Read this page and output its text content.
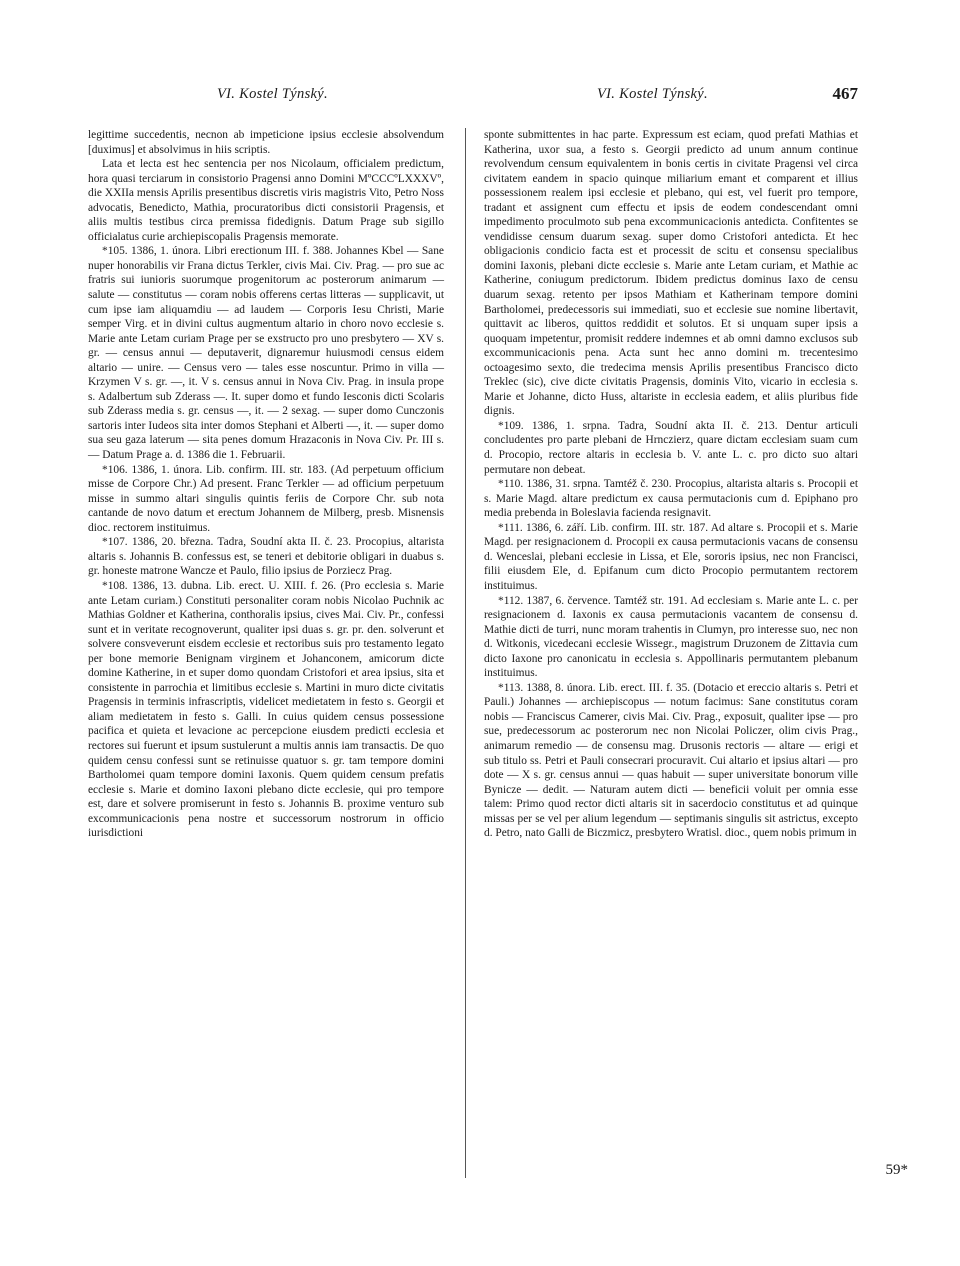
VI. Kostel Týnský.

legittime succedentis, necnon ab impeticione ipsius ecclesie absolvendum [duximus] et absolvimus in hiis scriptis.

Lata et lecta est hec sentencia per nos Nicolaum, officialem predictum, hora quasi terciarum in consistorio Pragensi anno Domini MºCCCºLXXXVº, die XXIIa mensis Aprilis presentibus discretis viris magistris Vito, Petro Noss advocatis, Benedicto, Mathia, procuratoribus dicti consistorii Pragensis, et aliis multis testibus circa premissa fidedignis. Datum Prage sub sigillo officialatus curie archiepiscopalis Pragensis memorate.

*105. 1386, 1. února. Libri erectionum III. f. 388. Johannes Kbel — Sane nuper honorabilis vir Frana dictus Terkler, civis Mai. Civ. Prag. — pro sue ac fratris sui iunioris suorumque progenitorum ac posterorum animarum — salute — constitutus — coram nobis offerens certas litteras — supplicavit, ut cum ipse iam aliquamdiu — ad laudem — Corporis Iesu Christi, Marie semper Virg. et in divini cultus augmentum altario in choro novo ecclesie s. Marie ante Letam curiam Prage per se exstructo pro uno presbytero — XV s. gr. — census annui — deputaverit, dignaremur huiusmodi census eidem altario — unire. — Census vero — tales esse noscuntur. Primo in villa — Krzymen V s. gr. —, it. V s. census annui in Nova Civ. Prag. in insula prope s. Adalbertum sub Zderass —. It. super domo et fundo Iesconis dicti Scolaris sub Zderass media s. gr. census —, it. — 2 sexag. — super domo Cunczonis sartoris inter Iudeos sita inter domos Stephani et Alberti —, it. — super domo sua seu gaza laterum — sita penes domum Hrazaconis in Nova Civ. Pr. III s. — Datum Prage a. d. 1386 die 1. Februarii.

*106. 1386, 1. února. Lib. confirm. III. str. 183. (Ad perpetuum officium misse de Corpore Chr.) Ad present. Franc Terkler — ad officium perpetuum misse in summo altari singulis quintis feriis de Corpore Chr. sub nota cantande de novo datum et erectum Johannem de Milberg, presb. Misnensis dioc. rectorem instituimus.

*107. 1386, 20. března. Tadra, Soudní akta II. č. 23. Procopius, altarista altaris s. Johannis B. confessus est, se teneri et debitorie obligari in duabus s. gr. honeste matrone Wancze et Paulo, filio ipsius de Porziecz Prag.

*108. 1386, 13. dubna. Lib. erect. U. XIII. f. 26. (Pro ecclesia s. Marie ante Letam curiam.) Constituti personaliter coram nobis Nicolao Puchnik ac Mathias Goldner et Katherina, conthoralis ipsius, cives Mai. Civ. Pr., confessi sunt et in veritate recognoverunt, qualiter ipsi duas s. gr. pr. den. solverunt et solvere consveverunt eisdem ecclesie et rectoribus suis pro testamento legato per bone memorie Benignam virginem et Johanconem, amicorum dicte domine Katherine, in et super domo quondam Cristofori et area ipsius, sita et consistente in parrochia et limitibus ecclesie s. Martini in muro dicte civitatis Pragensis in terminis infrascriptis, videlicet medietatem in festo s. Georgii et aliam medietatem in festo s. Galli. In cuius quidem census possessione pacifica et quieta et levacione ac percepcione eiusdem predicti ecclesia et rectores sui fuerunt et ipsum sustulerunt a multis annis iam transactis. De quo quidem censu confessi sunt se retinuisse quatuor s. gr. tam tempore domini Bartholomei quam tempore domini Iaxonis. Quem quidem censum prefatis ecclesie s. Marie et domino Iaxoni plebano dicte ecclesie, qui pro tempore est, dare et solvere promiserunt in festo s. Johannis B. proxime venturo sub excommunicacionis pena nostre et successorum nostrorum in officio iurisdictioni

VI. Kostel Týnský.	467

sponte submittentes in hac parte. Expressum est eciam, quod prefati Mathias et Katherina, uxor sua, a festo s. Georgii predicto ad unum annum continue revolvendum censum equivalentem in bonis certis in civitate Pragensi vel circa civitatem eandem in spacio quinque miliarium emant et comparent et illius possessionem realem ipsi ecclesie et plebano, qui est, vel fuerit pro tempore, tradant et assignent cum effectu et ipsis de eodem condescendant omni impedimento proculmoto sub pena excommunicacionis antedicta. Confitentes se vendidisse censum duarum sexag. super domo Cristofori antedicta. Et hec obligacionis condicio facta est et processit de scitu et consensu specialibus domini Iaxonis, plebani dicte ecclesie s. Marie ante Letam curiam, et Mathie ac Katherine, coniugum predictorum. Ibidem predictus dominus Iaxo de censu duarum sexag. retento per ipsos Mathiam et Katherinam tempore domini Bartholomei, predecessoris sui immediati, suo et ecclesie sue nomine libertavit, quittavit ac liberos, quittos reddidit et solutos. Et si unquam super ipsis a quoquam impetentur, promisit reddere indemnes et ab omni damno exclusos sub excommunicacionis pena. Acta sunt hec anno domini m. trecentesimo octoagesimo sexto, die tredecima mensis Aprilis presentibus Francisco dicto Treklec (sic), cive dicte civitatis Pragensis, dominis Vito, vicario in ecclesia s. Marie et Johanne, dicto Huss, altariste in ecclesia eadem, et aliis pluribus fide dignis.

*109. 1386, 1. srpna. Tadra, Soudní akta II. č. 213. Dentur articuli concludentes pro parte plebani de Hrnczierz, quare dictam ecclesiam suam cum d. Procopio, rectore altaris in ecclesia b. V. ante L. c. pro dicto suo altari permutare non debeat.

*110. 1386, 31. srpna. Tamtéž č. 230. Procopius, altarista altaris s. Procopii et s. Marie Magd. altare predictum ex causa permutacionis cum d. Epiphano pro media prebenda in Boleslavia facienda resignavit.

*111. 1386, 6. září. Lib. confirm. III. str. 187. Ad altare s. Procopii et s. Marie Magd. per resignacionem d. Procopii ex causa permutacionis vacans de consensu d. Wenceslai, plebani ecclesie in Lissa, et Ele, sororis ipsius, nec non Francisci, filii eiusdem Ele, d. Epifanum cum dicto Procopio permutantem rectorem instituimus.

*112. 1387, 6. července. Tamtéž str. 191. Ad ecclesiam s. Marie ante L. c. per resignacionem d. Iaxonis ex causa permutacionis vacantem de consensu d. Mathie dicti de turri, nunc moram trahentis in Clumyn, pro interesse suo, nec non d. Witkonis, vicedecani ecclesie Wissegr., magistrum Druzonem de Zittavia cum dicto Iaxone pro canonicatu in ecclesia s. Appollinaris permutantem plebanum instituimus.

*113. 1388, 8. února. Lib. erect. III. f. 35. (Dotacio et ereccio altaris s. Petri et Pauli.) Johannes — archiepiscopus — notum facimus: Sane constitutus coram nobis — Franciscus Camerer, civis Mai. Civ. Prag., exposuit, qualiter ipse — pro sue, predecessorum ac posterorum nec non Nicolai Policzer, olim civis Prag., animarum remedio — de consensu mag. Drusonis rectoris — altare — erigi et sub titulo ss. Petri et Pauli consecrari procuravit. Cui altario et ipsius altari — pro dote — X s. gr. census annui — quas habuit — super universitate bonorum ville Bynicze — dedit. — Naturam autem dicti — beneficii voluit per omnia esse talem: Primo quod rector dicti altaris sit in sacerdocio constitutus et ad quinque missas per se vel per alium legendum — septimanis singulis sit astrictus, excepto d. Petro, nato Galli de Biczmicz, presbytero Wratisl. dioc., quem nobis primum in

59*
